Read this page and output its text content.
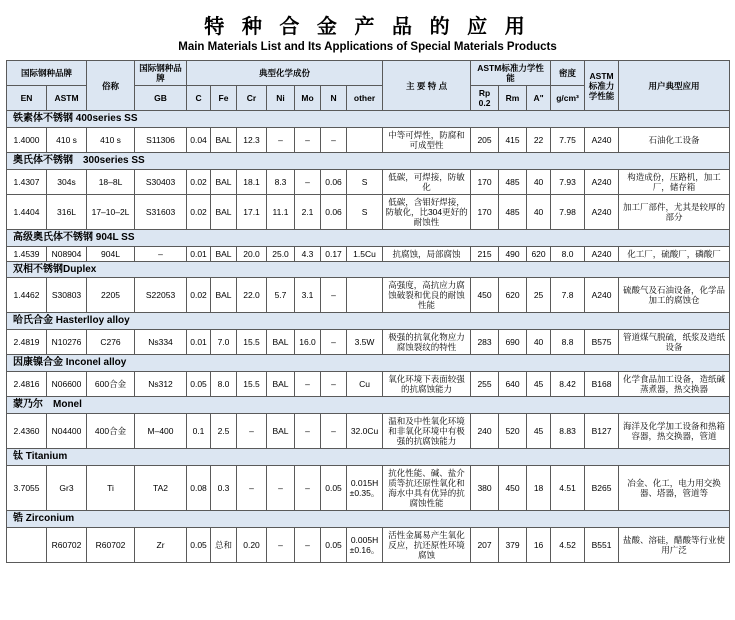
特 种 合 金 产 品 的 应 用
Main Materials List and Its Applications of Special Materials Products
国际钢种品牌		俗称	国际钢种品牌	典型化学成份							主 要 特 点	ASTM标准力学性能			密度	ASTM标准力学性能	用户典型应用

EN	ASTM		GB	C	Fe	Cr	Ni	Mo	N	other		Rp 0.2	Rm	A"	g/cm³		
铁素体不锈钢 400series SS																	
1.4000	410 s	410 s	S11306	0.04	BAL	12.3	–	–	–		中等可焊性，防腐和可成型性	205	415	22	7.75	A240	石油化工设备
奥氏体不锈钢　300series SS																	
1.4307	304s	18–8L	S30403	0.02	BAL	18.1	8.3	–	0.06	S	低碳，可焊接，防敏化	170	485	40	7.93	A240	构造成份，压路机，加工厂，储存箱
1.4404	316L	17–10–2L	S31603	0.02	BAL	17.1	11.1	2.1	0.06	S	低碳，含钼好焊接，防敏化，比304更好的耐蚀性	170	485	40	7.98	A240	加工厂部件，尤其是较厚的部分
高级奥氏体不锈钢 904L SS																	
1.4539	N08904	904L	–	0.01	BAL	20.0	25.0	4.3	0.17	1.5Cu	抗腐蚀，局部腐蚀	215	490	620	8.0	A240	化工厂，硫酸厂，磷酸厂
双相不锈钢Duplex																	
1.4462	S30803	2205	S22053	0.02	BAL	22.0	5.7	3.1	–		高强度，高抗应力腐蚀破裂和优良的耐蚀性能	450	620	25	7.8	A240	硫酸气及石油设备，化学品加工的腐蚀仓
哈氏合金 Hasterlloy alloy																	
2.4819	N10276	C276	Ns334	0.01	7.0	15.5	BAL	16.0	–	3.5W	极强的抗氧化物应力腐蚀裂纹的特性	283	690	40	8.8	B575	管道煤气脱硫，纸浆及造纸设备
因康镍合金 Inconel alloy																	
2.4816	N06600	600合金	Ns312	0.05	8.0	15.5	BAL	–	–	Cu	氧化环境下表面较强的抗腐蚀能力	255	640	45	8.42	B168	化学食品加工设备，造纸碱蒸煮器，热交换器
蒙乃尔　Monel																	
2.4360	N04400	400合金	M–400	0.1	2.5	–	BAL	–	–	32.0Cu	温和及中性氧化环境和非氧化环境中有极强的抗腐蚀能力	240	520	45	8.83	B127	海洋及化学加工设备和热箱容器，热交换器，管道
钛 Titanium																	
3.7055	Gr3	Ti	TA2	0.08	0.3	–	–	–	0.05	0.015H ±0.35。	抗化性能、碱、盐介质等抗还原性氧化和海水中具有优异的抗腐蚀性能	380	450	18	4.51	B265	冶金、化工，电力用交换器、塔器，管道等
锆 Zirconium																	
	R60702	R60702	Zr	0.05	总和	0.20	–	–	0.05	0.005H ±0.16。	活性金属易产生氧化反应，抗还原性环境腐蚀	207	379	16	4.52	B551	盐酸、溶硅，醋酸等行业使用广泛
